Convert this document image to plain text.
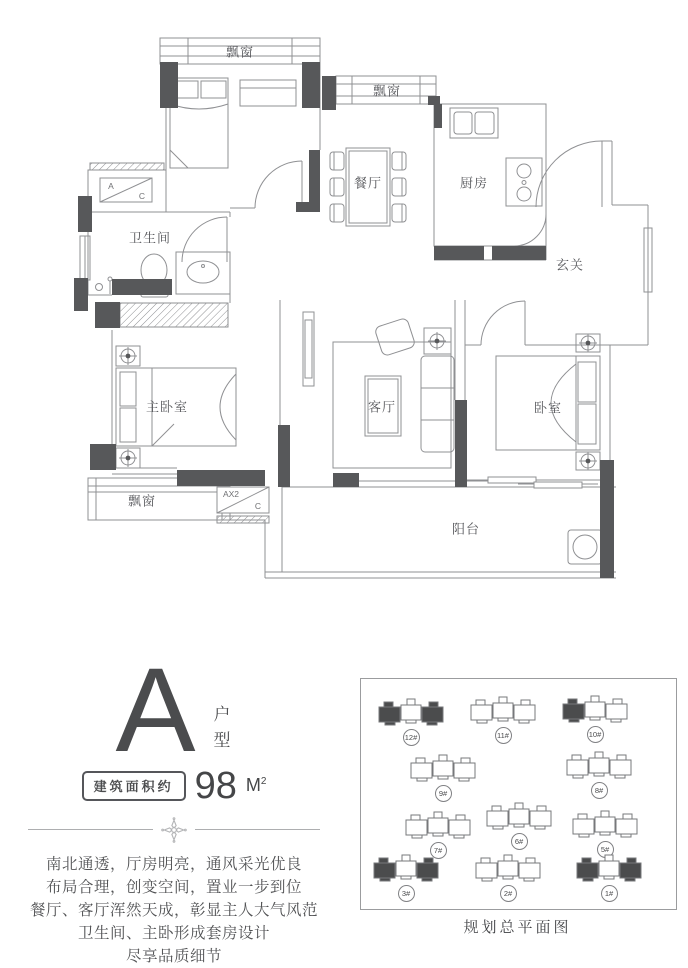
飘窗
飘窗
餐厅	厨房
玄关
卫生间
主卧室	客厅	卧室
阳台
飘窗
A
C
AX2
C
A 户型
建筑面积约 98 $M^2$
南北通透，厅房明亮，通风采光优良
布局合理，创变空间，置业一步到位
餐厅、客厅浑然天成，彰显主人大气风范
卫生间、主卧形成套房设计
尽享品质细节
12#	11#	10#
9#	8#
7#
6#
5#
3#	2#	1#
规划总平面图
